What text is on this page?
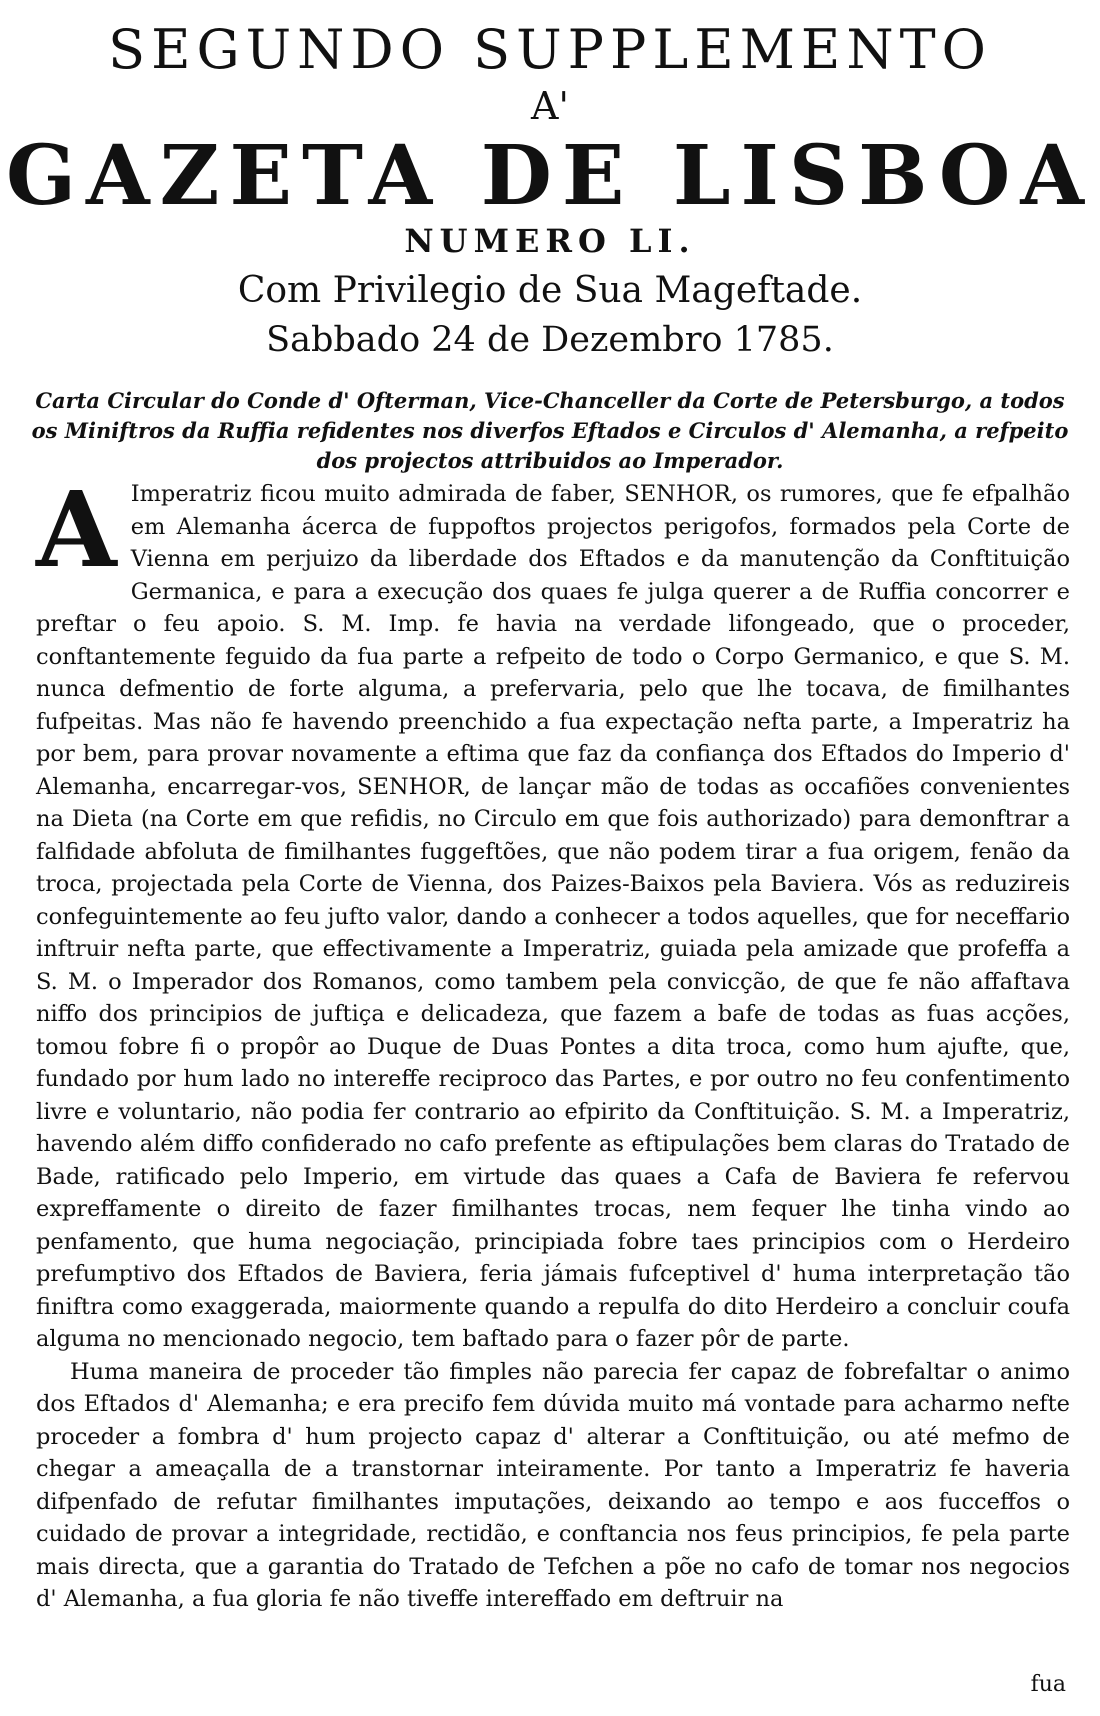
SEGUNDO SUPPLEMENTO
A'
GAZETA DE LISBOA
NUMERO LI.
Com Privilegio de Sua Mageftade.
Sabbado 24 de Dezembro 1785.
Carta Circular do Conde d' Ofterman, Vice-Chanceller da Corte de Petersburgo, a todos os Miniftros da Ruffia refidentes nos diverfos Eftados e Circulos d' Alemanha, a refpeito dos projectos attribuidos ao Imperador.
A Imperatriz ficou muito admirada de faber, SENHOR, os rumores, que fe efpalhão em Alemanha ácerca de fuppoftos projectos perigofos, formados pela Corte de Vienna em perjuizo da liberdade dos Eftados e da manutenção da Conftituição Germanica, e para a execução dos quaes fe julga querer a de Ruffia concorrer e preftar o feu apoio. S. M. Imp. fe havia na verdade lifongeado, que o proceder, conftantemente feguido da fua parte a refpeito de todo o Corpo Germanico, e que S. M. nunca defmentio de forte alguma, a prefervaria, pelo que lhe tocava, de fimilhantes fufpeitas. Mas não fe havendo preenchido a fua expectação nefta parte, a Imperatriz ha por bem, para provar novamente a eftima que faz da confiança dos Eftados do Imperio d' Alemanha, encarregar-vos, SENHOR, de lançar mão de todas as occafiões convenientes na Dieta (na Corte em que refidis, no Circulo em que fois authorizado) para demonftrar a falfidade abfoluta de fimilhantes fuggeftões, que não podem tirar a fua origem, fenão da troca, projectada pela Corte de Vienna, dos Paizes-Baixos pela Baviera. Vós as reduzireis confeguintemente ao feu jufto valor, dando a conhecer a todos aquelles, que for neceffario inftruir nefta parte, que effectivamente a Imperatriz, guiada pela amizade que profeffa a S. M. o Imperador dos Romanos, como tambem pela convicção, de que fe não affaftava niffo dos principios de juftiça e delicadeza, que fazem a bafe de todas as fuas acções, tomou fobre fi o propôr ao Duque de Duas Pontes a dita troca, como hum ajufte, que, fundado por hum lado no intereffe reciproco das Partes, e por outro no feu confentimento livre e voluntario, não podia fer contrario ao efpirito da Conftituição. S. M. a Imperatriz, havendo além diffo confiderado no cafo prefente as eftipulações bem claras do Tratado de Bade, ratificado pelo Imperio, em virtude das quaes a Cafa de Baviera fe refervou expreffamente o direito de fazer fimilhantes trocas, nem fequer lhe tinha vindo ao penfamento, que huma negociação, principiada fobre taes principios com o Herdeiro prefumptivo dos Eftados de Baviera, feria jámais fufceptivel d' huma interpretação tão finiftra como exaggerada, maiormente quando a repulfa do dito Herdeiro a concluir coufa alguma no mencionado negocio, tem baftado para o fazer pôr de parte.

Huma maneira de proceder tão fimples não parecia fer capaz de fobrefaltar o animo dos Eftados d' Alemanha; e era precifo fem dúvida muito má vontade para acharmo nefte proceder a fombra d' hum projecto capaz d' alterar a Conftituição, ou até mefmo de chegar a ameaçalla de a transtornar inteiramente. Por tanto a Imperatriz fe haveria difpenfado de refutar fimilhantes imputações, deixando ao tempo e aos fucceffos o cuidado de provar a integridade, rectidão, e conftancia nos feus principios, fe pela parte mais directa, que a garantia do Tratado de Tefchen a põe no cafo de tomar nos negocios d' Alemanha, a fua gloria fe não tiveffe intereffado em deftruir na

fua
